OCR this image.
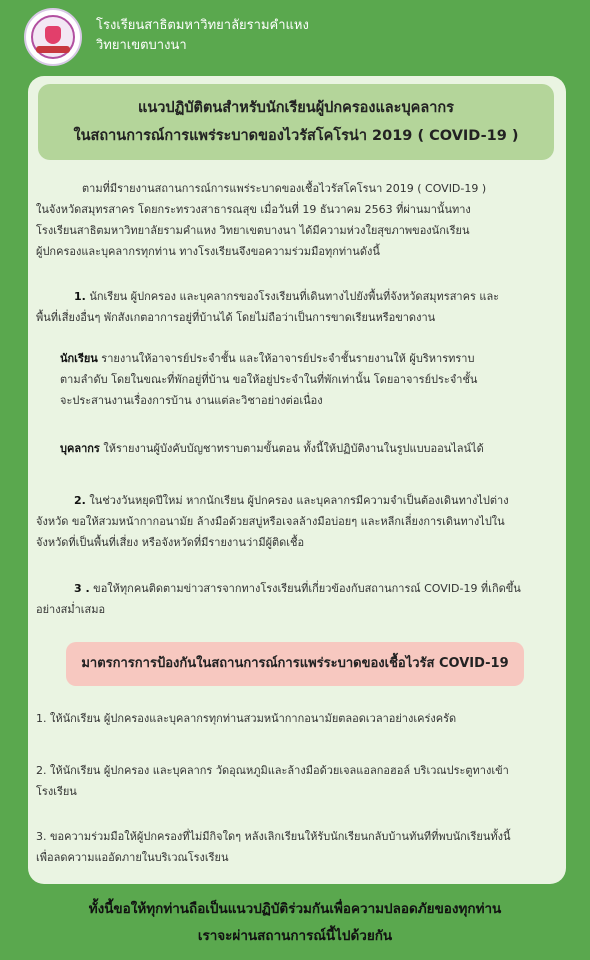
โรงเรียนสาธิตมหาวิทยาลัยรามคำแหง
วิทยาเขตบางนา
แนวปฏิบัติตนสำหรับนักเรียนผู้ปกครองและบุคลากร
ในสถานการณ์การแพร่ระบาดของไวรัสโคโรน่า 2019 ( COVID-19 )
ตามที่มีรายงานสถานการณ์การแพร่ระบาดของเชื้อไวรัสโคโรนา 2019 ( COVID-19 )
ในจังหวัดสมุทรสาคร โดยกระทรวงสาธารณสุข เมื่อวันที่ 19 ธันวาคม 2563 ที่ผ่านมานั้นทาง
โรงเรียนสาธิตมหาวิทยาลัยรามคำแหง วิทยาเขตบางนา ได้มีความห่วงใยสุขภาพของนักเรียน
ผู้ปกครองและบุคลากรทุกท่าน ทางโรงเรียนจึงขอความร่วมมือทุกท่านดังนี้
1. นักเรียน ผู้ปกครอง และบุคลากรของโรงเรียนที่เดินทางไปยังพื้นที่จังหวัดสมุทรสาคร และ
พื้นที่เสี่ยงอื่นๆ พักสังเกตอาการอยู่ที่บ้านได้ โดยไม่ถือว่าเป็นการขาดเรียนหรือขาดงาน
นักเรียน รายงานให้อาจารย์ประจำชั้น และให้อาจารย์ประจำชั้นรายงานให้ ผู้บริหารทราบ
ตามลำดับ โดยในขณะที่พักอยู่ที่บ้าน ขอให้อยู่ประจำในที่พักเท่านั้น โดยอาจารย์ประจำชั้น
จะประสานงานเรื่องการบ้าน งานแต่ละวิชาอย่างต่อเนื่อง
บุคลากร ให้รายงานผู้บังคับบัญชาทราบตามขั้นตอน ทั้งนี้ให้ปฏิบัติงานในรูปแบบออนไลน์ได้
2. ในช่วงวันหยุดปีใหม่ หากนักเรียน ผู้ปกครอง และบุคลากรมีความจำเป็นต้องเดินทางไปต่าง
จังหวัด ขอให้สวมหน้ากากอนามัย ล้างมือด้วยสบู่หรือเจลล้างมือบ่อยๆ และหลีกเลี่ยงการเดินทางไปใน
จังหวัดที่เป็นพื้นที่เสี่ยง หรือจังหวัดที่มีรายงานว่ามีผู้ติดเชื้อ
3 . ขอให้ทุกคนติดตามข่าวสารจากทางโรงเรียนที่เกี่ยวข้องกับสถานการณ์ COVID-19 ที่เกิดขึ้น
อย่างสม่ำเสมอ
มาตรการการป้องกันในสถานการณ์การแพร่ระบาดของเชื้อไวรัส COVID-19
1. ให้นักเรียน ผู้ปกครองและบุคลากรทุกท่านสวมหน้ากากอนามัยตลอดเวลาอย่างเคร่งครัด
2. ให้นักเรียน ผู้ปกครอง และบุคลากร วัดอุณหภูมิและล้างมือด้วยเจลแอลกอฮอล์ บริเวณประตูทางเข้า
โรงเรียน
3. ขอความร่วมมือให้ผู้ปกครองที่ไม่มีกิจใดๆ หลังเลิกเรียนให้รับนักเรียนกลับบ้านทันทีที่พบนักเรียนทั้งนี้
เพื่อลดความแออัดภายในบริเวณโรงเรียน
ทั้งนี้ขอให้ทุกท่านถือเป็นแนวปฏิบัติร่วมกันเพื่อความปลอดภัยของทุกท่าน
เราจะผ่านสถานการณ์นี้ไปด้วยกัน
